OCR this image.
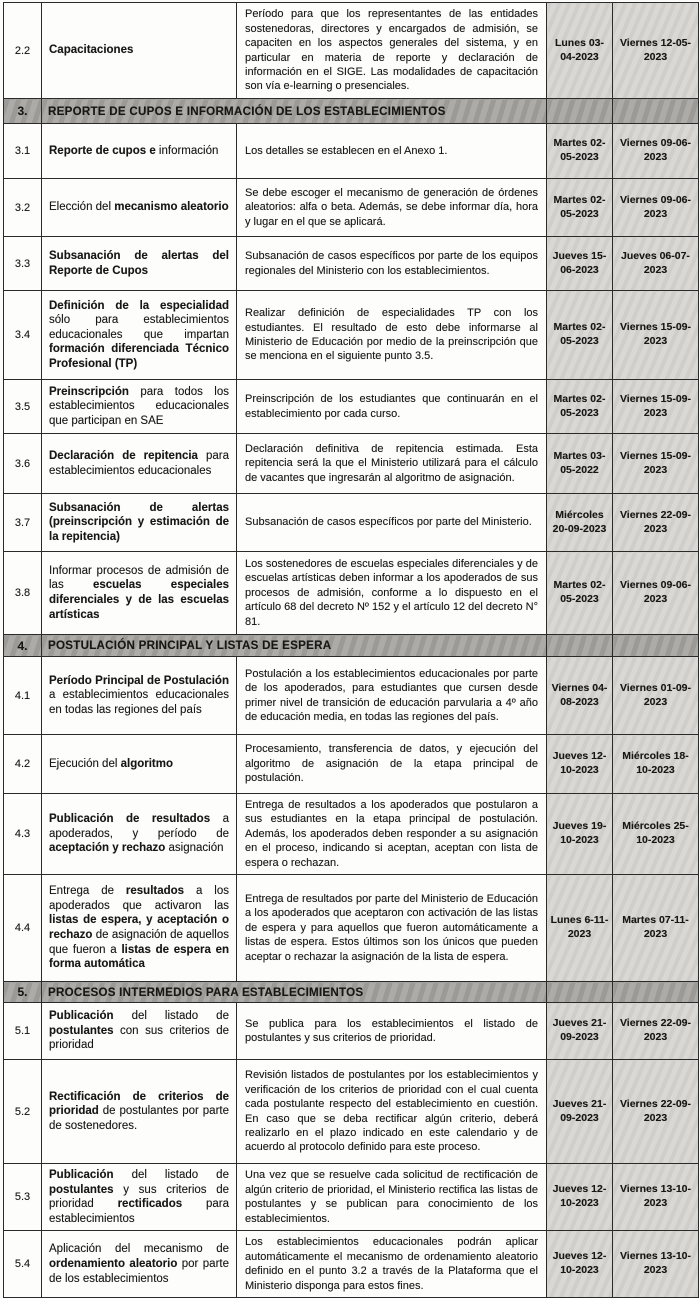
2.2	Capacitaciones	Período para que los representantes de las entidades sostenedoras, directores y encargados de admisión, se capaciten en los aspectos generales del sistema, y en particular en materia de reporte y declaración de información en el SIGE. Las modalidades de capacitación son vía e-learning o presenciales.	Lunes 03-04-2023	Viernes 12-05-2023
3.	REPORTE DE CUPOS E INFORMACIÓN DE LOS ESTABLECIMIENTOS			
3.1	Reporte de cupos e información	Los detalles se establecen en el Anexo 1.	Martes 02-05-2023	Viernes 09-06-2023
3.2	Elección del mecanismo aleatorio	Se debe escoger el mecanismo de generación de órdenes aleatorios: alfa o beta. Además, se debe informar día, hora y lugar en el que se aplicará.	Martes 02-05-2023	Viernes 09-06-2023
3.3	Subsanación de alertas del Reporte de Cupos	Subsanación de casos específicos por parte de los equipos regionales del Ministerio con los establecimientos.	Jueves 15-06-2023	Jueves 06-07-2023
3.4	Definición de la especialidad sólo para establecimientos educacionales que impartan formación diferenciada Técnico Profesional (TP)	Realizar definición de especialidades TP con los estudiantes. El resultado de esto debe informarse al Ministerio de Educación por medio de la preinscripción que se menciona en el siguiente punto 3.5.	Martes 02-05-2023	Viernes 15-09-2023
3.5	Preinscripción para todos los establecimientos educacionales que participan en SAE	Preinscripción de los estudiantes que continuarán en el establecimiento por cada curso.	Martes 02-05-2023	Viernes 15-09-2023
3.6	Declaración de repitencia para establecimientos educacionales	Declaración definitiva de repitencia estimada. Esta repitencia será la que el Ministerio utilizará para el cálculo de vacantes que ingresarán al algoritmo de asignación.	Martes 03-05-2022	Viernes 15-09-2023
3.7	Subsanación de alertas (preinscripción y estimación de la repitencia)	Subsanación de casos específicos por parte del Ministerio.	Miércoles 20-09-2023	Viernes 22-09-2023
3.8	Informar procesos de admisión de las escuelas especiales diferenciales y de las escuelas artísticas	Los sostenedores de escuelas especiales diferenciales y de escuelas artísticas deben informar a los apoderados de sus procesos de admisión, conforme a lo dispuesto en el artículo 68 del decreto Nº 152 y el artículo 12 del decreto N° 81.	Martes 02-05-2023	Viernes 09-06-2023
4.	POSTULACIÓN PRINCIPAL Y LISTAS DE ESPERA			
4.1	Período Principal de Postulación a establecimientos educacionales en todas las regiones del país	Postulación a los establecimientos educacionales por parte de los apoderados, para estudiantes que cursen desde primer nivel de transición de educación parvularia a 4º año de educación media, en todas las regiones del país.	Viernes 04-08-2023	Viernes 01-09-2023
4.2	Ejecución del algoritmo	Procesamiento, transferencia de datos, y ejecución del algoritmo de asignación de la etapa principal de postulación.	Jueves 12-10-2023	Miércoles 18-10-2023
4.3	Publicación de resultados a apoderados, y período de aceptación y rechazo asignación	Entrega de resultados a los apoderados que postularon a sus estudiantes en la etapa principal de postulación. Además, los apoderados deben responder a su asignación en el proceso, indicando si aceptan, aceptan con lista de espera o rechazan.	Jueves 19-10-2023	Miércoles 25-10-2023
4.4	Entrega de resultados a los apoderados que activaron las listas de espera, y aceptación o rechazo de asignación de aquellos que fueron a listas de espera en forma automática	Entrega de resultados por parte del Ministerio de Educación a los apoderados que aceptaron con activación de las listas de espera y para aquellos que fueron automáticamente a listas de espera. Estos últimos son los únicos que pueden aceptar o rechazar la asignación de la lista de espera.	Lunes 6-11-2023	Martes 07-11-2023
5.	PROCESOS INTERMEDIOS PARA ESTABLECIMIENTOS			
5.1	Publicación del listado de postulantes con sus criterios de prioridad	Se publica para los establecimientos el listado de postulantes y sus criterios de prioridad.	Jueves 21-09-2023	Viernes 22-09-2023
5.2	Rectificación de criterios de prioridad de postulantes por parte de sostenedores.	Revisión listados de postulantes por los establecimientos y verificación de los criterios de prioridad con el cual cuenta cada postulante respecto del establecimiento en cuestión. En caso que se deba rectificar algún criterio, deberá realizarlo en el plazo indicado en este calendario y de acuerdo al protocolo definido para este proceso.	Jueves 21-09-2023	Viernes 22-09-2023
5.3	Publicación del listado de postulantes y sus criterios de prioridad rectificados para establecimientos	Una vez que se resuelve cada solicitud de rectificación de algún criterio de prioridad, el Ministerio rectifica las listas de postulantes y se publican para conocimiento de los establecimientos.	Jueves 12-10-2023	Viernes 13-10-2023
5.4	Aplicación del mecanismo de ordenamiento aleatorio por parte de los establecimientos	Los establecimientos educacionales podrán aplicar automáticamente el mecanismo de ordenamiento aleatorio definido en el punto 3.2 a través de la Plataforma que el Ministerio disponga para estos fines.	Jueves 12-10-2023	Viernes 13-10-2023
